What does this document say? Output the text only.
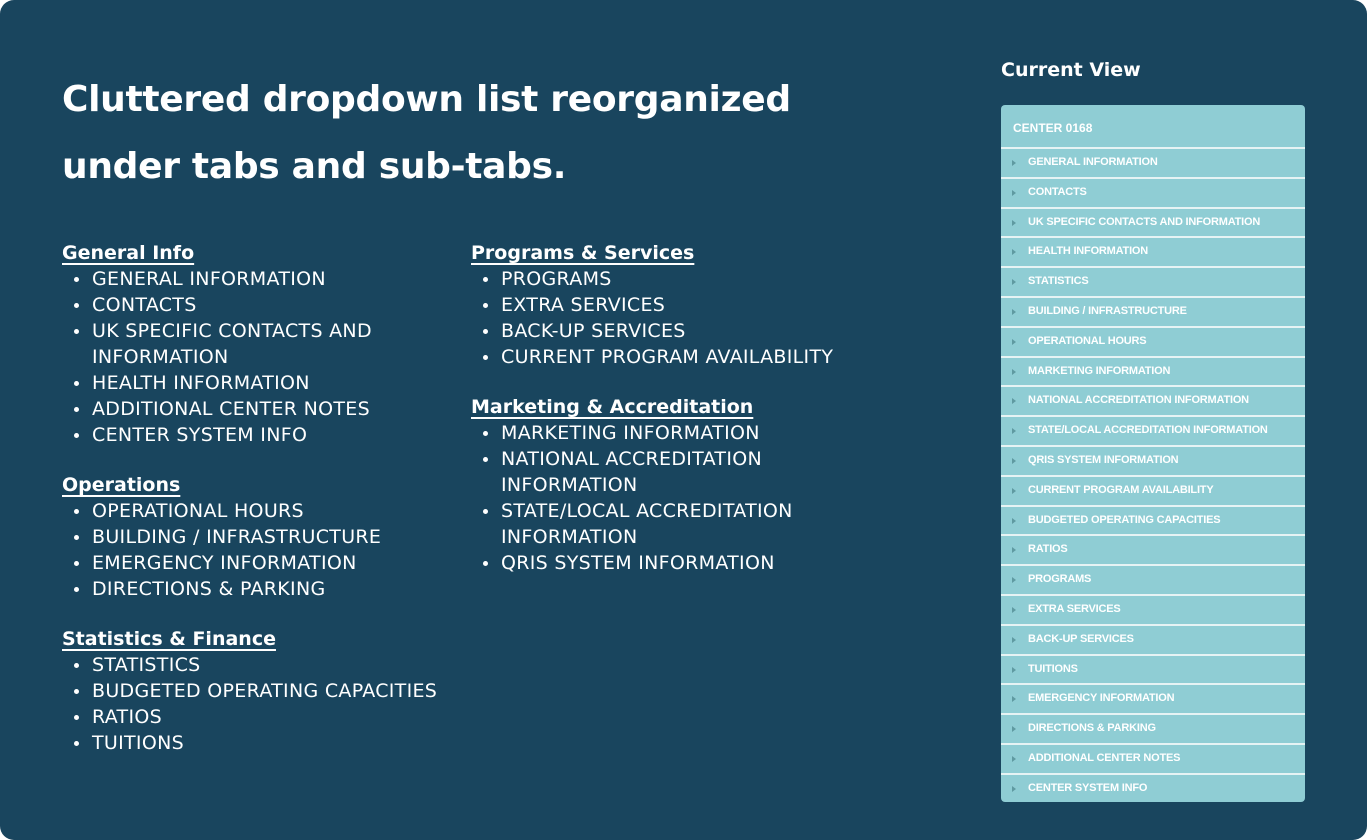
Cluttered dropdown list reorganized under tabs and sub-tabs.
General Info
GENERAL INFORMATION
CONTACTS
UK SPECIFIC CONTACTS AND INFORMATION
HEALTH INFORMATION
ADDITIONAL CENTER NOTES
CENTER SYSTEM INFO
Operations
OPERATIONAL HOURS
BUILDING / INFRASTRUCTURE
EMERGENCY INFORMATION
DIRECTIONS & PARKING
Statistics & Finance
STATISTICS
BUDGETED OPERATING CAPACITIES
RATIOS
TUITIONS
Programs & Services
PROGRAMS
EXTRA SERVICES
BACK-UP SERVICES
CURRENT PROGRAM AVAILABILITY
Marketing & Accreditation
MARKETING INFORMATION
NATIONAL ACCREDITATION INFORMATION
STATE/LOCAL ACCREDITATION INFORMATION
QRIS SYSTEM INFORMATION
Current View
CENTER 0168
GENERAL INFORMATION
CONTACTS
UK SPECIFIC CONTACTS AND INFORMATION
HEALTH INFORMATION
STATISTICS
BUILDING / INFRASTRUCTURE
OPERATIONAL HOURS
MARKETING INFORMATION
NATIONAL ACCREDITATION INFORMATION
STATE/LOCAL ACCREDITATION INFORMATION
QRIS SYSTEM INFORMATION
CURRENT PROGRAM AVAILABILITY
BUDGETED OPERATING CAPACITIES
RATIOS
PROGRAMS
EXTRA SERVICES
BACK-UP SERVICES
TUITIONS
EMERGENCY INFORMATION
DIRECTIONS & PARKING
ADDITIONAL CENTER NOTES
CENTER SYSTEM INFO
